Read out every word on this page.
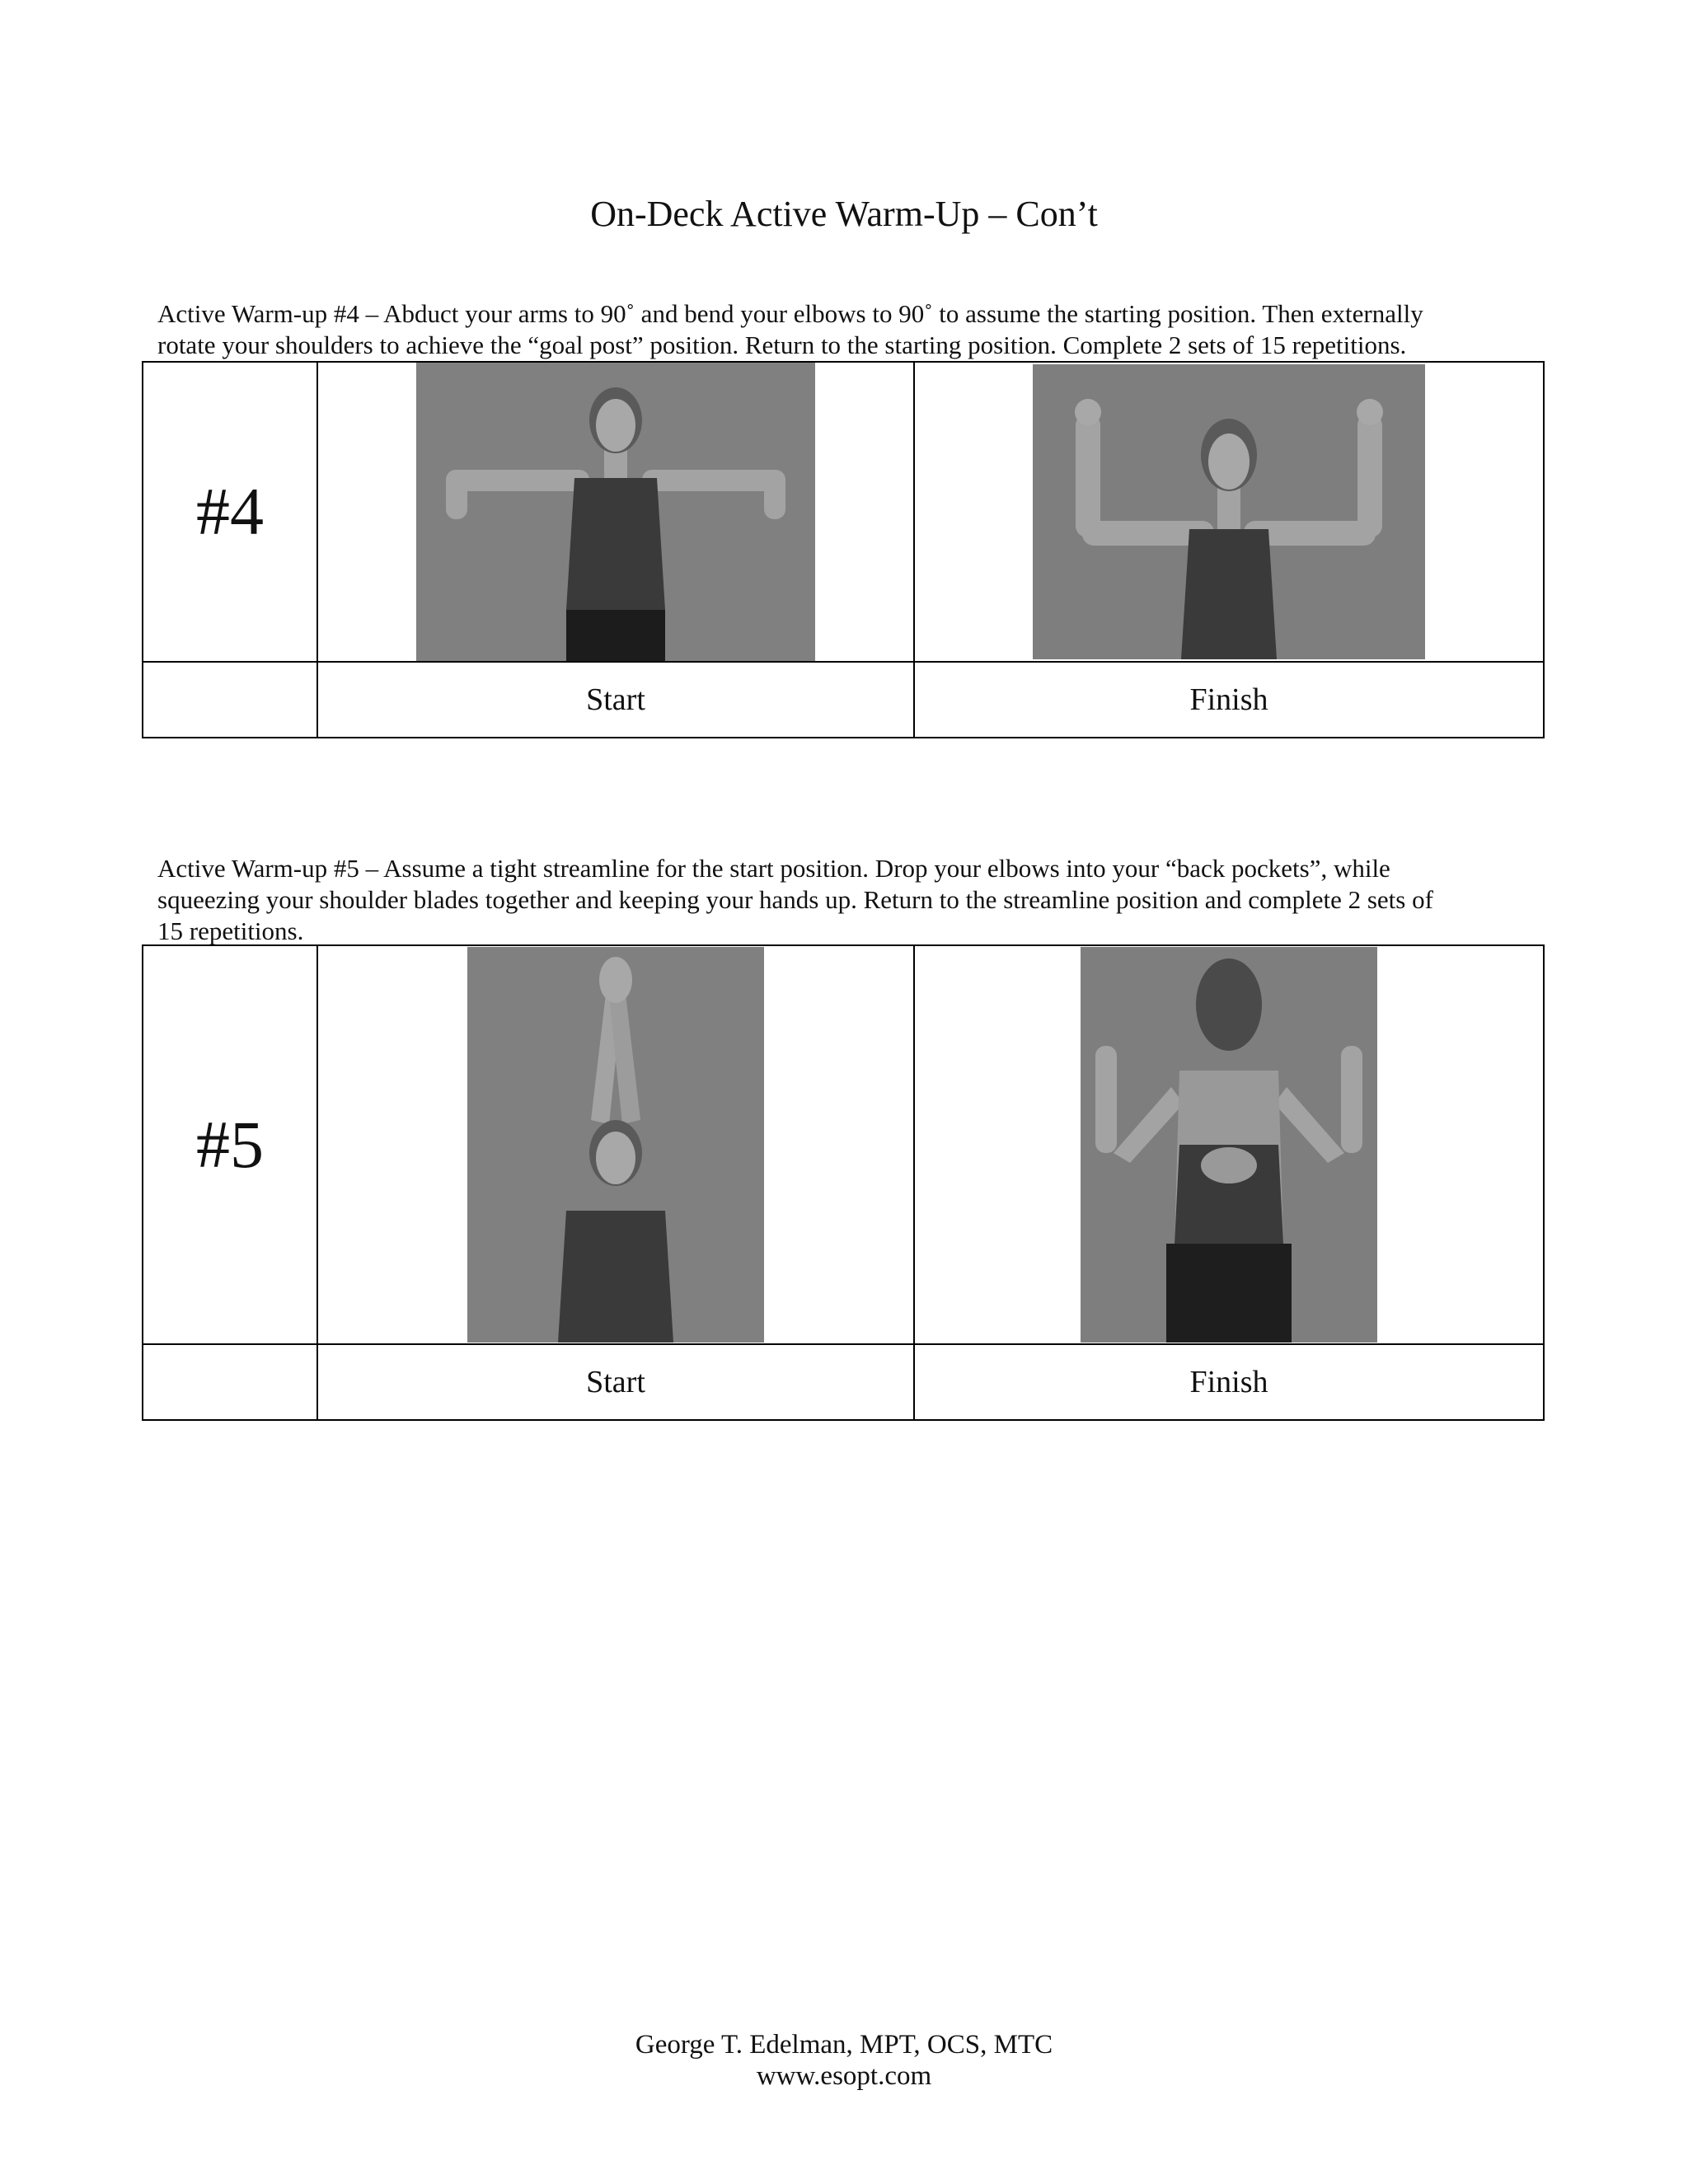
On-Deck Active Warm-Up – Con’t
Active Warm-up #4 – Abduct your arms to 90˚ and bend your elbows to 90˚ to assume the starting position. Then externally
rotate your shoulders to achieve the “goal post” position. Return to the starting position. Complete 2 sets of 15 repetitions.
#4	

	Start	Finish
Active Warm-up #5 – Assume a tight streamline for the start position. Drop your elbows into your “back pockets”, while
squeezing your shoulder blades together and keeping your hands up. Return to the streamline position and complete 2 sets of
15 repetitions.
#5	

	Start	Finish
George T. Edelman, MPT, OCS, MTC
www.esopt.com
